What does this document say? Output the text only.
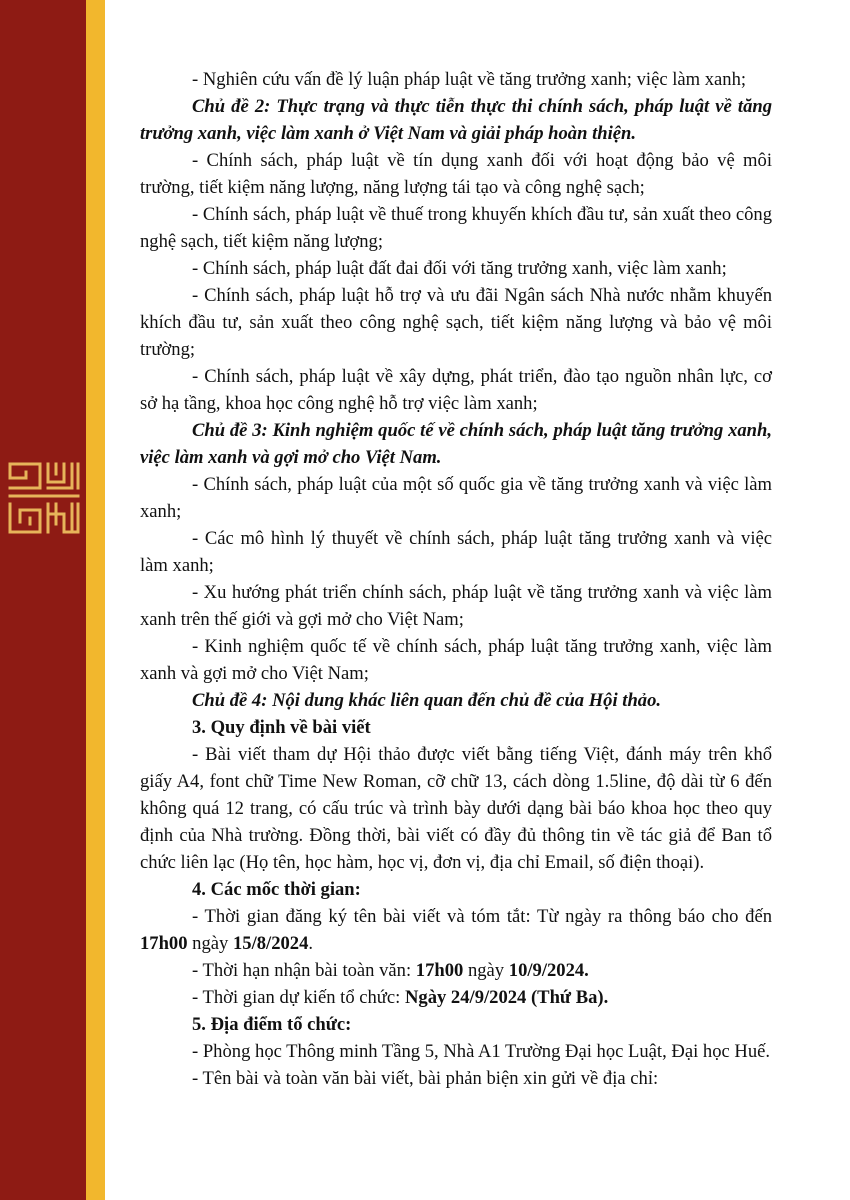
- Nghiên cứu vấn đề lý luận pháp luật về tăng trưởng xanh; việc làm xanh;

Chủ đề 2: Thực trạng và thực tiễn thực thi chính sách, pháp luật về tăng trưởng xanh, việc làm xanh ở Việt Nam và giải pháp hoàn thiện.

- Chính sách, pháp luật về tín dụng xanh đối với hoạt động bảo vệ môi trường, tiết kiệm năng lượng, năng lượng tái tạo và công nghệ sạch;

- Chính sách, pháp luật về thuế trong khuyến khích đầu tư, sản xuất theo công nghệ sạch, tiết kiệm năng lượng;

- Chính sách, pháp luật đất đai đối với tăng trưởng xanh, việc làm xanh;

- Chính sách, pháp luật hỗ trợ và ưu đãi Ngân sách Nhà nước nhằm khuyến khích đầu tư, sản xuất theo công nghệ sạch, tiết kiệm năng lượng và bảo vệ môi trường;

- Chính sách, pháp luật về xây dựng, phát triển, đào tạo nguồn nhân lực, cơ sở hạ tầng, khoa học công nghệ hỗ trợ việc làm xanh;

Chủ đề 3: Kinh nghiệm quốc tế về chính sách, pháp luật tăng trưởng xanh, việc làm xanh và gợi mở cho Việt Nam.

- Chính sách, pháp luật của một số quốc gia về tăng trưởng xanh và việc làm xanh;

- Các mô hình lý thuyết về chính sách, pháp luật tăng trưởng xanh và việc làm xanh;

- Xu hướng phát triển chính sách, pháp luật về tăng trưởng xanh và việc làm xanh trên thế giới và gợi mở cho Việt Nam;

- Kinh nghiệm quốc tế về chính sách, pháp luật tăng trưởng xanh, việc làm xanh và gợi mở cho Việt Nam;

Chủ đề 4: Nội dung khác liên quan đến chủ đề của Hội thảo.

3. Quy định về bài viết

- Bài viết tham dự Hội thảo được viết bằng tiếng Việt, đánh máy trên khổ giấy A4, font chữ Time New Roman, cỡ chữ 13, cách dòng 1.5line, độ dài từ 6 đến không quá 12 trang, có cấu trúc và trình bày dưới dạng bài báo khoa học theo quy định của Nhà trường. Đồng thời, bài viết có đầy đủ thông tin về tác giả để Ban tổ chức liên lạc (Họ tên, học hàm, học vị, đơn vị, địa chỉ Email, số điện thoại).

4. Các mốc thời gian:

- Thời gian đăng ký tên bài viết và tóm tắt: Từ ngày ra thông báo cho đến 17h00 ngày 15/8/2024.

- Thời hạn nhận bài toàn văn: 17h00 ngày 10/9/2024.

- Thời gian dự kiến tổ chức: Ngày 24/9/2024 (Thứ Ba).

5. Địa điểm tổ chức:

- Phòng học Thông minh Tầng 5, Nhà A1 Trường Đại học Luật, Đại học Huế.

- Tên bài và toàn văn bài viết, bài phản biện xin gửi về địa chỉ:
